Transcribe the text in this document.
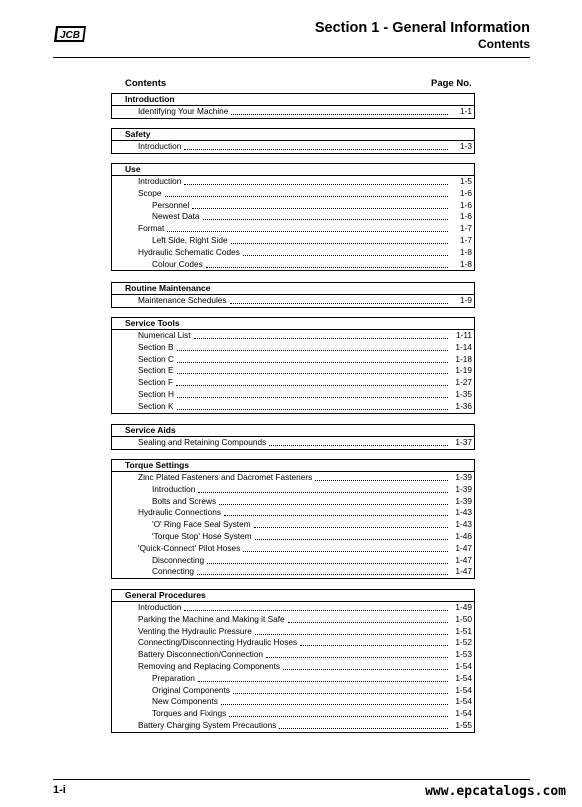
JCB	Section 1 - General Information
Contents
Contents	Page No.
Introduction
Identifying Your Machine	1-1
Safety
Introduction	1-3
Use
Introduction	1-5
Scope	1-6
Personnel	1-6
Newest Data	1-6
Format	1-7
Left Side, Right Side	1-7
Hydraulic Schematic Codes	1-8
Colour Codes	1-8
Routine Maintenance
Maintenance Schedules	1-9
Service Tools
Numerical List	1-11
Section B	1-14
Section C	1-18
Section E	1-19
Section F	1-27
Section H	1-35
Section K	1-36
Service Aids
Sealing and Retaining Compounds	1-37
Torque Settings
Zinc Plated Fasteners and Dacromet Fasteners	1-39
Introduction	1-39
Bolts and Screws	1-39
Hydraulic Connections	1-43
'O' Ring Face Seal System	1-43
'Torque Stop' Hose System	1-46
'Quick-Connect' Pilot Hoses	1-47
Disconnecting	1-47
Connecting	1-47
General Procedures
Introduction	1-49
Parking the Machine and Making it Safe	1-50
Venting the Hydraulic Pressure	1-51
Connecting/Disconnecting Hydraulic Hoses	1-52
Battery Disconnection/Connection	1-53
Removing and Replacing Components	1-54
Preparation	1-54
Original Components	1-54
New Components	1-54
Torques and Fixings	1-54
Battery Charging System Precautions	1-55
1-i	www.epcatalogs.com
